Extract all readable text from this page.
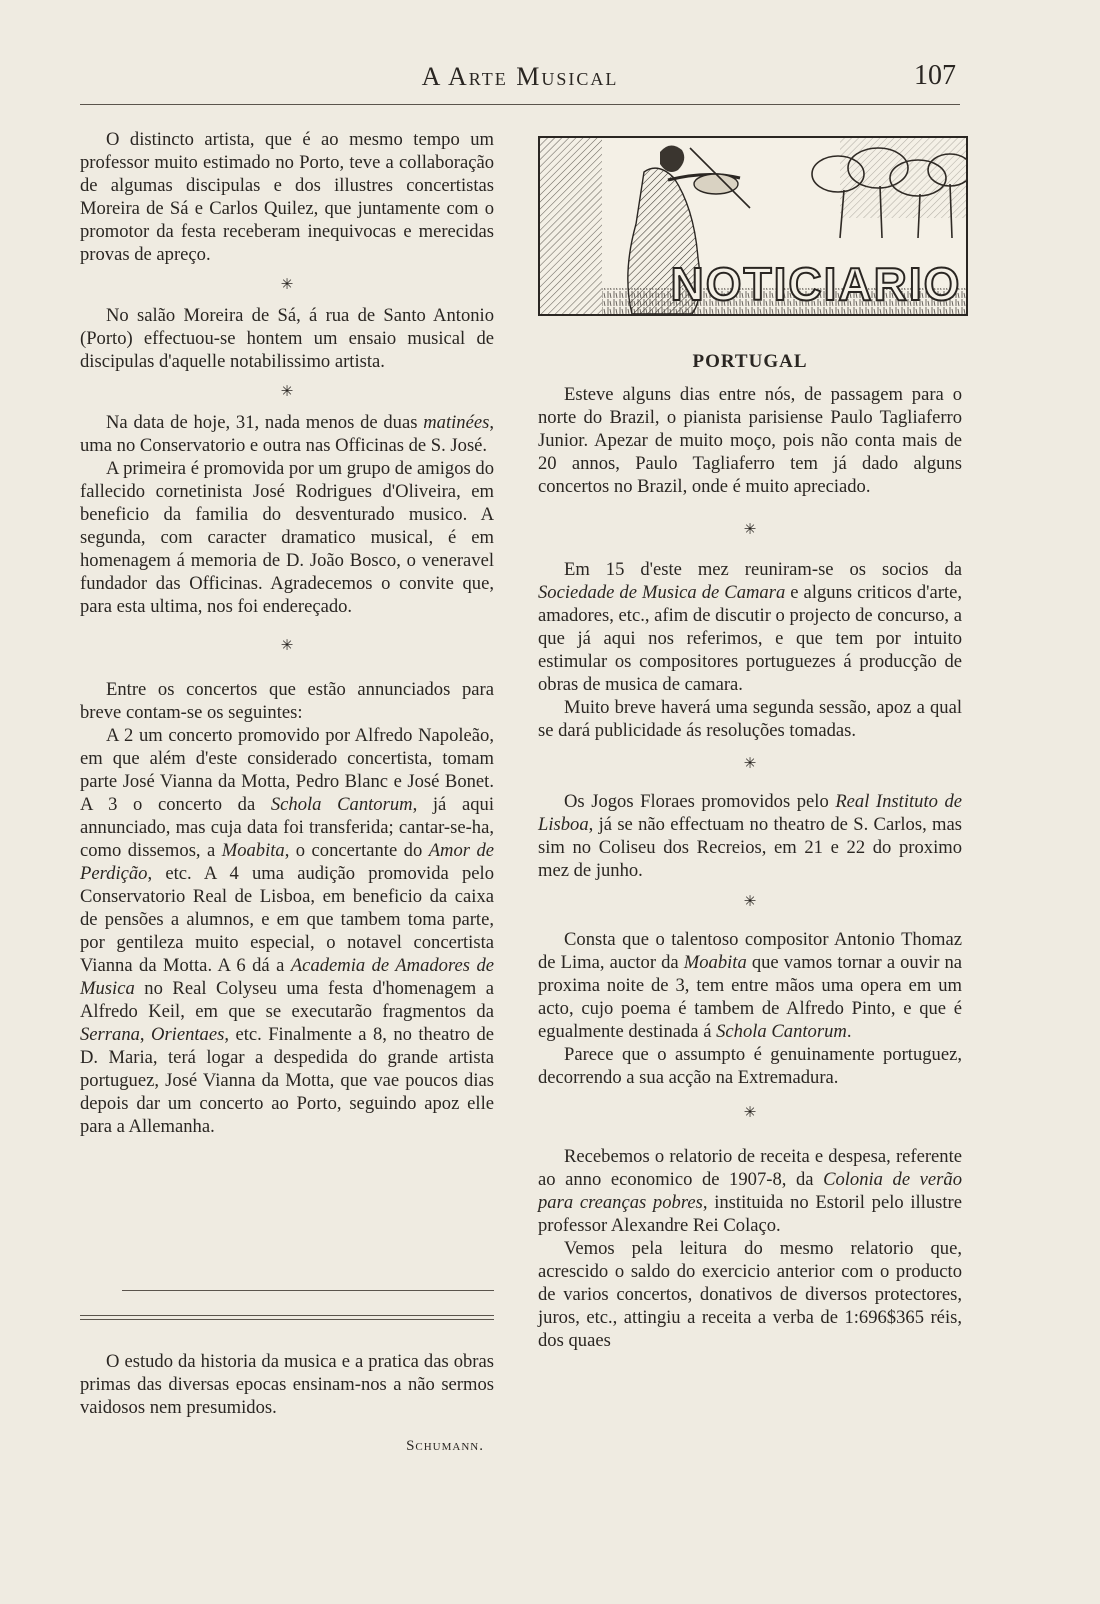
A Arte Musical	107

O distincto artista, que é ao mesmo tempo um professor muito estimado no Porto, teve a collaboração de algumas discipulas e dos illustres concertistas Moreira de Sá e Carlos Quilez, que juntamente com o promotor da festa receberam inequivocas e merecidas provas de apreço.

✳

No salão Moreira de Sá, á rua de Santo Antonio (Porto) effectuou-se hontem um ensaio musical de discipulas d'aquelle notabilissimo artista.

✳

Na data de hoje, 31, nada menos de duas matinées, uma no Conservatorio e outra nas Officinas de S. José.

A primeira é promovida por um grupo de amigos do fallecido cornetinista José Rodrigues d'Oliveira, em beneficio da familia do desventurado musico. A segunda, com caracter dramatico musical, é em homenagem á memoria de D. João Bosco, o veneravel fundador das Officinas. Agradecemos o convite que, para esta ultima, nos foi endereçado.

✳

Entre os concertos que estão annunciados para breve contam-se os seguintes:

A 2 um concerto promovido por Alfredo Napoleão, em que além d'este considerado concertista, tomam parte José Vianna da Motta, Pedro Blanc e José Bonet. A 3 o concerto da Schola Cantorum, já aqui annunciado, mas cuja data foi transferida; cantar-se-ha, como dissemos, a Moabita, o concertante do Amor de Perdição, etc. A 4 uma audição promovida pelo Conservatorio Real de Lisboa, em beneficio da caixa de pensões a alumnos, e em que tambem toma parte, por gentileza muito especial, o notavel concertista Vianna da Motta. A 6 dá a Academia de Amadores de Musica no Real Colyseu uma festa d'homenagem a Alfredo Keil, em que se executarão fragmentos da Serrana, Orientaes, etc. Finalmente a 8, no theatro de D. Maria, terá logar a despedida do grande artista portuguez, José Vianna da Motta, que vae poucos dias depois dar um concerto ao Porto, seguindo apoz elle para a Allemanha.

O estudo da historia da musica e a pratica das obras primas das diversas epocas ensinam-nos a não sermos vaidosos nem presumidos.

Schumann.
NOTICIARIO
PORTUGAL

Esteve alguns dias entre nós, de passagem para o norte do Brazil, o pianista parisiense Paulo Tagliaferro Junior. Apezar de muito moço, pois não conta mais de 20 annos, Paulo Tagliaferro tem já dado alguns concertos no Brazil, onde é muito apreciado.

✳

Em 15 d'este mez reuniram-se os socios da Sociedade de Musica de Camara e alguns criticos d'arte, amadores, etc., afim de discutir o projecto de concurso, a que já aqui nos referimos, e que tem por intuito estimular os compositores portuguezes á producção de obras de musica de camara.

Muito breve haverá uma segunda sessão, apoz a qual se dará publicidade ás resoluções tomadas.

✳

Os Jogos Floraes promovidos pelo Real Instituto de Lisboa, já se não effectuam no theatro de S. Carlos, mas sim no Coliseu dos Recreios, em 21 e 22 do proximo mez de junho.

✳

Consta que o talentoso compositor Antonio Thomaz de Lima, auctor da Moabita que vamos tornar a ouvir na proxima noite de 3, tem entre mãos uma opera em um acto, cujo poema é tambem de Alfredo Pinto, e que é egualmente destinada á Schola Cantorum.

Parece que o assumpto é genuinamente portuguez, decorrendo a sua acção na Extremadura.

✳

Recebemos o relatorio de receita e despesa, referente ao anno economico de 1907-8, da Colonia de verão para creanças pobres, instituida no Estoril pelo illustre professor Alexandre Rei Colaço.

Vemos pela leitura do mesmo relatorio que, acrescido o saldo do exercicio anterior com o producto de varios concertos, donativos de diversos protectores, juros, etc., attingiu a receita a verba de 1:696$365 réis, dos quaes
